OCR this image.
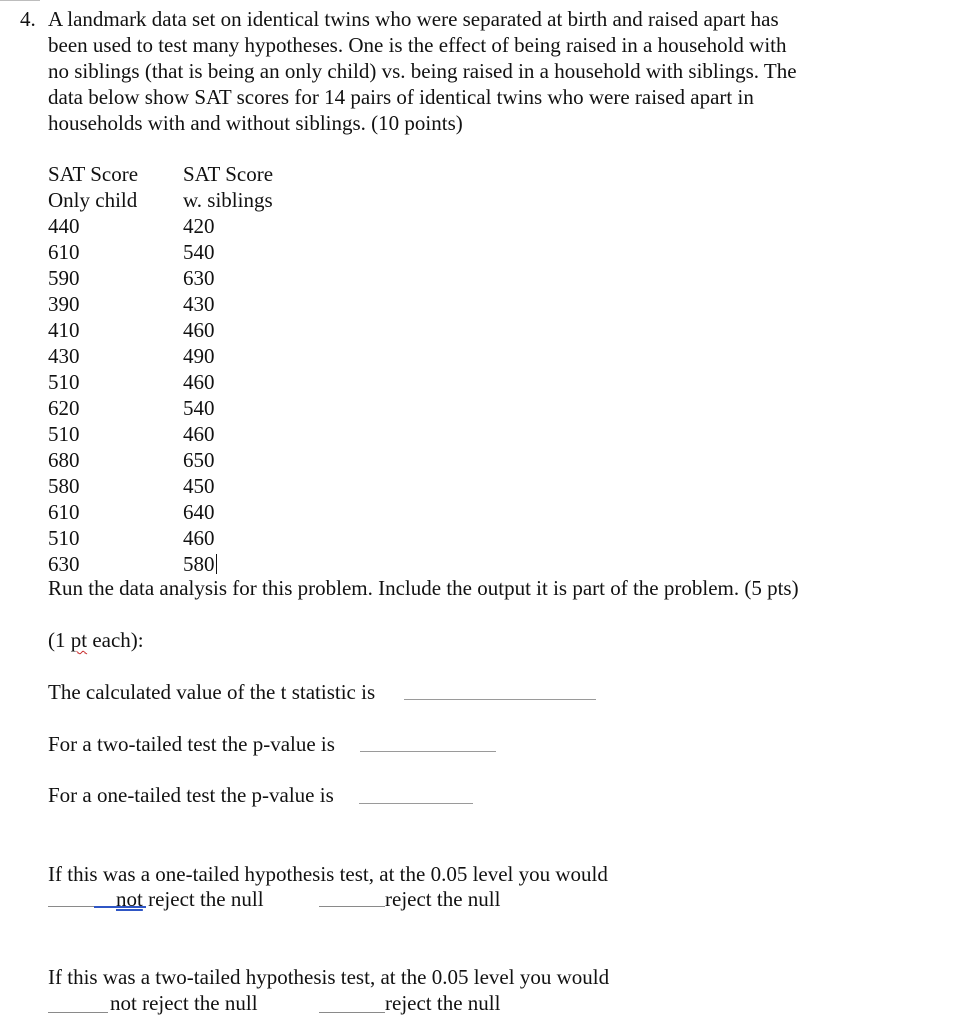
4. A landmark data set on identical twins who were separated at birth and raised apart has
been used to test many hypotheses. One is the effect of being raised in a household with
no siblings (that is being an only child) vs. being raised in a household with siblings. The
data below show SAT scores for 14 pairs of identical twins who were raised apart in
households with and without siblings. (10 points)
SAT Score
Only child
SAT Score
w. siblings
440
610
590
390
410
430
510
620
510
680
580
610
510
630
420
540
630
430
460
490
460
540
460
650
450
640
460
580
Run the data analysis for this problem. Include the output it is part of the problem. (5 pts)
(1 pt each):
The calculated value of the t statistic is
For a two-tailed test the p-value is
For a one-tailed test the p-value is
If this was a one-tailed hypothesis test, at the 0.05 level you would
not reject the null	reject the null
If this was a two-tailed hypothesis test, at the 0.05 level you would
not reject the null	reject the null
